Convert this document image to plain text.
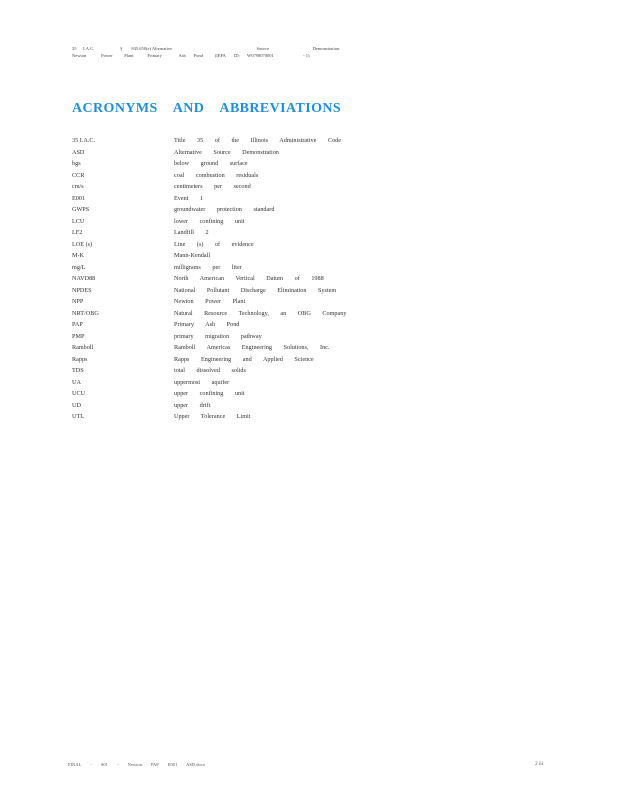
35 I.A.C.	§ 845.650(e) Alternative	Source	Demonstration
Newton	Power	Plant	Primary	Ash Pond	(IEPA ID: W0798070001	- 1)
ACRONYMS AND ABBREVIATIONS
35 I.A.C.	Title 35 of the Illinois Administrative Code
ASD	Alternative Source Demonstration
bgs	below ground surface
CCR	coal combustion residuals
cm/s	centimeters per second
E001	Event 1
GWPS	groundwater protection standard
LCU	lower confining unit
LF2	Landfill 2
LOE (s)	Line (s) of evidence
M-K	Mann-Kendall
mg/L	milligrams per liter
NAVD88	North American Vertical Datum of 1988
NPDES	National Pollutant Discharge Elimination System
NPP	Newton Power Plant
NRT/OBG	Natural Resource Technology, an OBG Company
PAP	Primary Ash Pond
PMP	primary migration pathway
Ramboll	Ramboll Americas Engineering Solutions, Inc.
Rapps	Rapps Engineering and Applied Science
TDS	total dissolved solids
UA	uppermost aquifer
UCU	upper confining unit
UD	upper drift
UTL	Upper Tolerance Limit
FINAL - S01 - Newton PAP E001 ASD.docx	2 iii
